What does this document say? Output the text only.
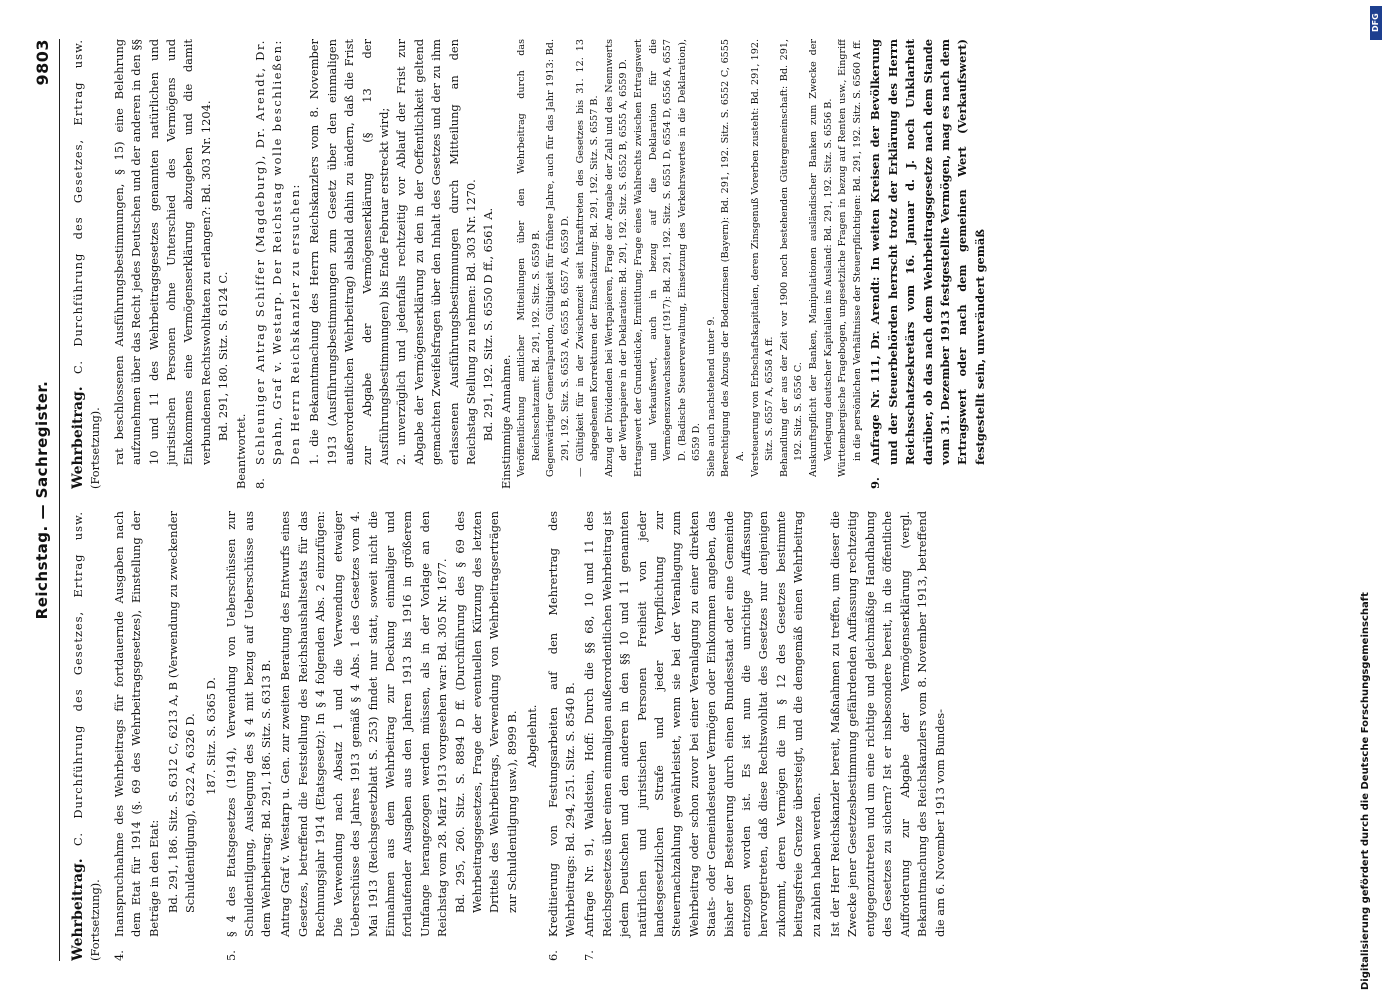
Reichstag. — Sachregister.
9803

Wehrbeitrag. C. Durchführung des Gesetzes, Ertrag usw. (Fortsetzung). 4.Inanspruchnahme des Wehrbeitrags für fortdauernde Ausgaben nach dem Etat für 1914 (§. 69 des Wehrbeitragsgesetzes), Einstellung der Beträge in den Etat: Bd. 291, 186. Sitz. S. 6312 C, 6213 A, B (Verwendung zu zweckender Schuldentilgung), 6322 A, 6326 D. 187. Sitz. S. 6365 D.

5.§ 4 des Etatsgesetzes (1914), Verwendung von Ueberschüssen zur Schuldentilgung, Auslegung des § 4 mit bezug auf Ueberschüsse aus dem Wehrbeitrag: Bd. 291, 186. Sitz. S. 6313 B. Antrag Graf v. Westarp u. Gen. zur zweiten Beratung des Entwurfs eines Gesetzes, betreffend die Feststellung des Reichshaushaltsetats für das Rechnungsjahr 1914 (Etatsgesetz): In § 4 folgenden Abs. 2 einzufügen: Die Verwendung nach Absatz 1 und die Verwendung etwaiger Ueberschüsse des Jahres 1913 gemäß § 4 Abs. 1 des Gesetzes vom 4. Mai 1913 (Reichsgesetzblatt S. 253) findet nur statt, soweit nicht die Einnahmen aus dem Wehrbeitrag zur Deckung einmaliger und fortlaufender Ausgaben aus den Jahren 1913 bis 1916 in größerem Umfange herangezogen werden müssen, als in der Vorlage an den Reichstag vom 28. März 1913 vorgesehen war: Bd. 305 Nr. 1677. Bd. 295, 260. Sitz. S. 8894 D ff. (Durchführung des § 69 des Wehrbeitragsgesetzes, Frage der eventuellen Kürzung des letzten Drittels des Wehrbeitrags, Verwendung von Wehrbeitragserträgen zur Schuldentilgung usw.), 8999 B. Abgelehnt.

6.Kreditierung von Festungsarbeiten auf den Mehrertrag des Wehrbeitrags: Bd. 294, 251. Sitz. S. 8540 B.

7.Anfrage Nr. 91, Waldstein, Hoff: Durch die §§ 68, 10 und 11 des Reichsgesetzes über einen einmaligen außerordentlichen Wehrbeitrag ist jedem Deutschen und den anderen in den §§ 10 und 11 genannten natürlichen und juristischen Personen Freiheit von jeder landesgesetzlichen Strafe und jeder Verpflichtung zur Steuernachzahlung gewährleistet, wenn sie bei der Veranlagung zum Wehrbeitrag oder schon zuvor bei einer Veranlagung zu einer direkten Staats- oder Gemeindesteuer Vermögen oder Einkommen angeben, das bisher der Besteuerung durch einen Bundesstaat oder eine Gemeinde entzogen worden ist. Es ist nun die unrichtige Auffassung hervorgetreten, daß diese Rechtswohltat des Gesetzes nur denjenigen zukommt, deren Vermögen die im § 12 des Gesetzes bestimmte beitragsfreie Grenze übersteigt, und die demgemäß einen Wehrbeitrag zu zahlen haben werden. Ist der Herr Reichskanzler bereit, Maßnahmen zu treffen, um dieser die Zwecke jener Gesetzesbestimmung gefährdenden Auffassung rechtzeitig entgegenzutreten und um eine richtige und gleichmäßige Handhabung des Gesetzes zu sichern? Ist er insbesondere bereit, in die öffentliche Aufforderung zur Abgabe der Vermögenserklärung (vergl. Bekanntmachung des Reichskanzlers vom 8. November 1913, betreffend die am 6. November 1913 vom Bundes-

Wehrbeitrag. C. Durchführung des Gesetzes, Ertrag usw. (Fortsetzung). rat beschlossenen Ausführungsbestimmungen, § 15) eine Belehrung aufzunehmen über das Recht jedes Deutschen und der anderen in den §§ 10 und 11 des Wehrbeitragsgesetzes genannten natürlichen und juristischen Personen ohne Unterschied des Vermögens und Einkommens eine Vermögenserklärung abzugeben und die damit verbundenen Rechtswohltaten zu erlangen?: Bd. 303 Nr. 1204. Bd. 291, 180. Sitz. S. 6124 C.

Beantwortet. 8.Schleuniger Antrag Schiffer (Magdeburg), Dr. Arendt, Dr. Spahn, Graf v. Westarp. Der Reichstag wolle beschließen: Den Herrn Reichskanzler zu ersuchen: 1. die Bekanntmachung des Herrn Reichskanzlers vom 8. November 1913 (Ausführungsbestimmungen zum Gesetz über den einmaligen außerordentlichen Wehrbeitrag) alsbald dahin zu ändern, daß die Frist zur Abgabe der Vermögenserklärung (§ 13 der Ausführungsbestimmungen) bis Ende Februar erstreckt wird; 2. unverzüglich und jedenfalls rechtzeitig vor Ablauf der Frist zur Abgabe der Vermögenserklärung zu den in der Oeffentlichkeit geltend gemachten Zweifelsfragen über den Inhalt des Gesetzes und der zu ihm erlassenen Ausführungsbestimmungen durch Mitteilung an den Reichstag Stellung zu nehmen: Bd. 303 Nr. 1270. Bd. 291, 192. Sitz. S. 6550 D ff., 6561 A. Einstimmige Annahme. Veröffentlichung amtlicher Mitteilungen über den Wehrbeitrag durch das Reichsschatzamt: Bd. 291, 192. Sitz. S. 6559 B. Gegenwärtiger Generalpardon, Gültigkeit für frühere Jahre, auch für das Jahr 1913: Bd. 291, 192. Sitz. S. 6553 A, 6555 B, 6557 A, 6559 D. — Gültigkeit für in der Zwischenzeit seit Inkrafttreten des Gesetzes bis 31. 12. 13 abgegebenen Korrekturen der Einschätzung: Bd. 291, 192. Sitz. S. 6557 B. Abzug der Dividenden bei Wertpapieren, Frage der Angabe der Zahl und des Nennwerts der Wertpapiere in der Deklaration: Bd. 291, 192. Sitz. S. 6552 B, 6555 A, 6559 D. Ertragswert der Grundstücke, Ermittlung; Frage eines Wahlrechts zwischen Ertragswert und Verkaufswert, auch in bezug auf die Deklaration für die Vermögenszuwachssteuer (1917): Bd. 291, 192. Sitz. S. 6551 D, 6554 D, 6556 A, 6557 D. (Badische Steuerverwaltung, Einsetzung des Verkehrswertes in die Deklaration), 6559 D. Siehe auch nachstehend unter 9. Berechtigung des Abzugs der Bodenzinsen (Bayern): Bd. 291, 192. Sitz. S. 6552 C, 6555 A. Versteuerung von Erbschaftskapitalien, deren Zinsgenuß Vorerben zusteht: Bd. 291, 192. Sitz. S. 6557 A, 6558 A ff. Behandlung der aus der Zeit vor 1900 noch bestehenden Gütergemeinschaft: Bd. 291, 192. Sitz. S. 6556 C. Auskunftspflicht der Banken, Manipulationen ausländischer Banken zum Zwecke der Verlegung deutscher Kapitalien ins Ausland: Bd. 291, 192. Sitz. S. 6556 B. Württembergische Fragebogen, ungesetzliche Fragen in bezug auf Renten usw., Eingriff in die persönlichen Verhältnisse der Steuerpflichtigen: Bd. 291, 192. Sitz. S. 6560 A ff.

9.Anfrage Nr. 111, Dr. Arendt: In weiten Kreisen der Bevölkerung und der Steuerbehörden herrscht trotz der Erklärung des Herrn Reichsschatzsekretärs vom 16. Januar d. J. noch Unklarheit darüber, ob das nach dem Wehrbeitragsgesetze nach dem Stande vom 31. Dezember 1913 festgestellte Vermögen, mag es nach dem Ertragswert oder nach dem gemeinen Wert (Verkaufswert) festgestellt sein, unverändert gemäß

Digitalisierung gefördert durch die Deutsche Forschungsgemeinschaft
DFG
